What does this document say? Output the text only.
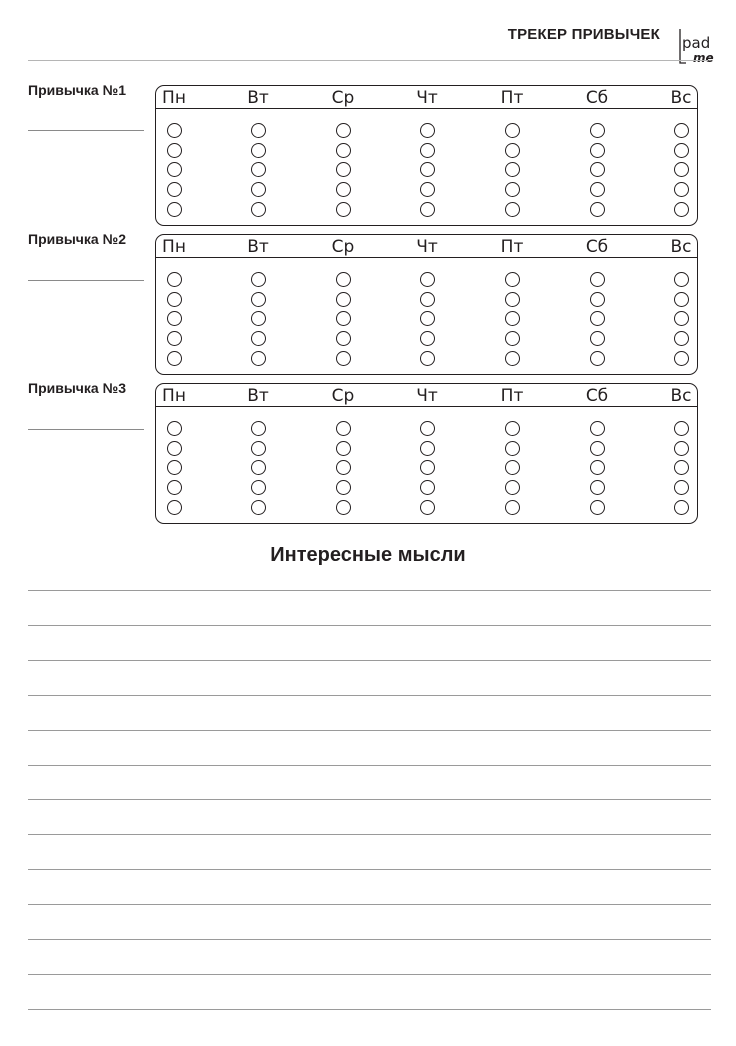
ТРЕКЕР ПРИВЫЧЕК pad
me
Привычка №1	Пн	Вт	Ср	Чт	Пт	Сб	Вс
Привычка №2	Пн	Вт	Ср	Чт	Пт	Сб	Вс
Привычка №3	Пн	Вт	Ср	Чт	Пт	Сб	Вс
Интересные мысли
